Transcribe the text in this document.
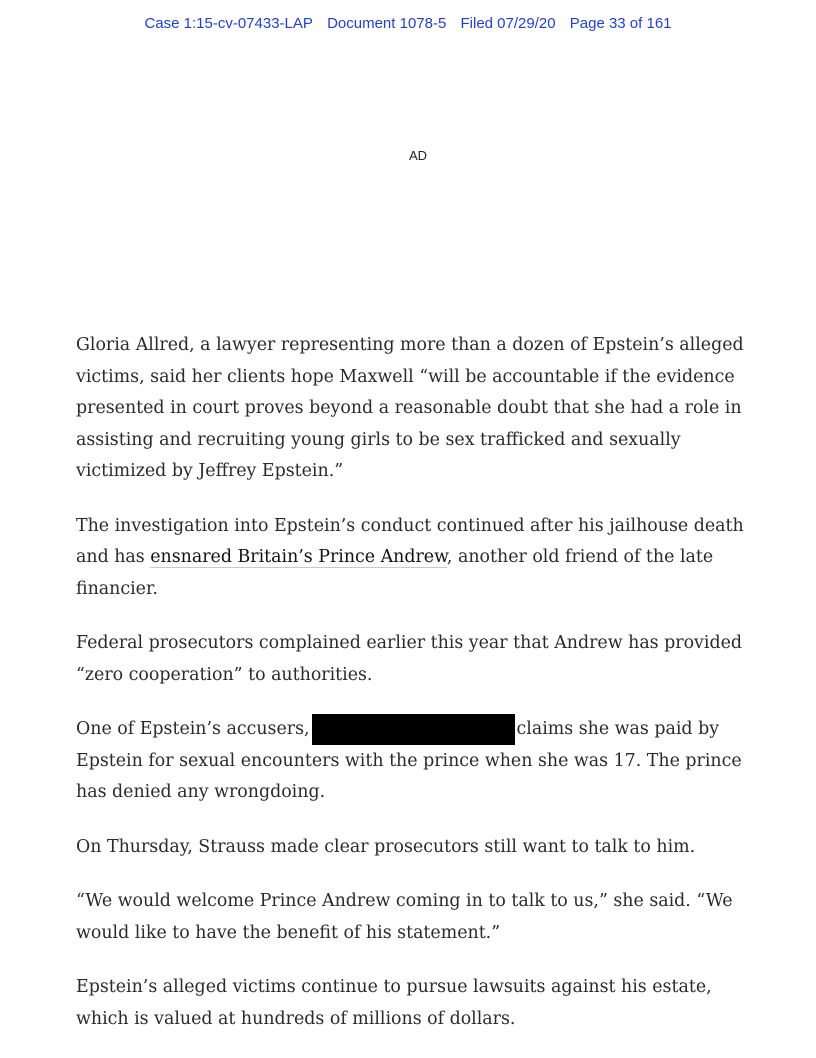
Case 1:15-cv-07433-LAP Document 1078-5 Filed 07/29/20 Page 33 of 161
AD

Gloria Allred, a lawyer representing more than a dozen of Epstein’s alleged victims, said her clients hope Maxwell “will be accountable if the evidence presented in court proves beyond a reasonable doubt that she had a role in assisting and recruiting young girls to be sex trafficked and sexually victimized by Jeffrey Epstein.”

The investigation into Epstein’s conduct continued after his jailhouse death and has ensnared Britain’s Prince Andrew, another old friend of the late financier.

Federal prosecutors complained earlier this year that Andrew has provided “zero cooperation” to authorities.

One of Epstein’s accusers,	claims she was paid by Epstein for sexual encounters with the prince when she was 17. The prince has denied any wrongdoing.

On Thursday, Strauss made clear prosecutors still want to talk to him.

“We would welcome Prince Andrew coming in to talk to us,” she said. “We would like to have the benefit of his statement.”

Epstein’s alleged victims continue to pursue lawsuits against his estate, which is valued at hundreds of millions of dollars.
